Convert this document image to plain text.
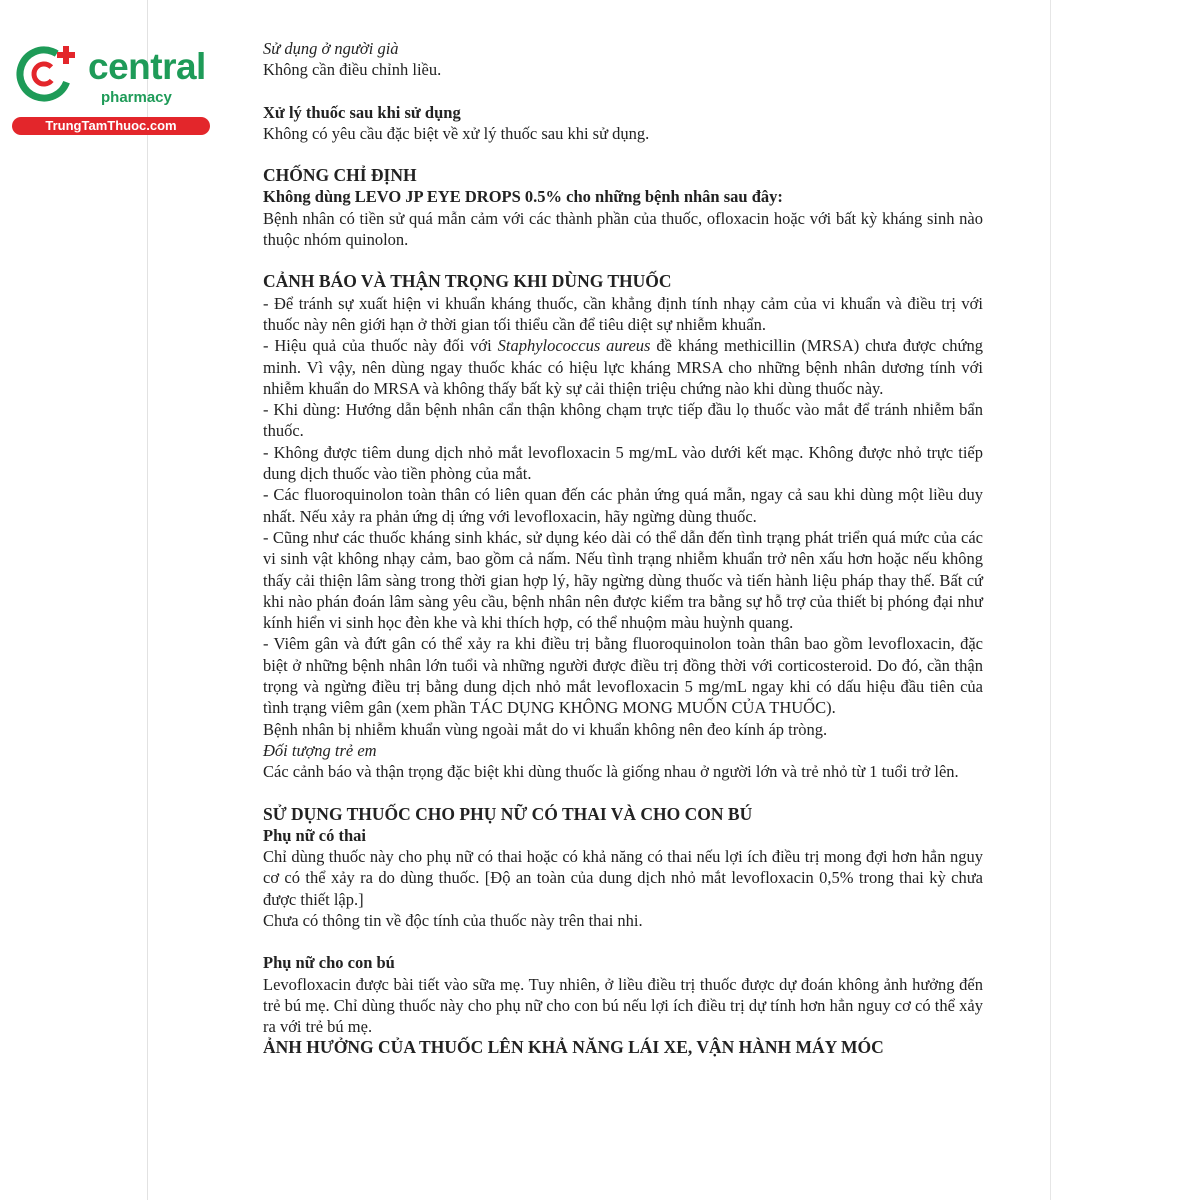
central
pharmacy
TrungTamThuoc.com

Sử dụng ở người già

Không cần điều chỉnh liều.

Xử lý thuốc sau khi sử dụng

Không có yêu cầu đặc biệt về xử lý thuốc sau khi sử dụng.

CHỐNG CHỈ ĐỊNH

Không dùng LEVO JP EYE DROPS 0.5% cho những bệnh nhân sau đây:

Bệnh nhân có tiền sử quá mẫn cảm với các thành phần của thuốc, ofloxacin hoặc với bất kỳ kháng sinh nào thuộc nhóm quinolon.

CẢNH BÁO VÀ THẬN TRỌNG KHI DÙNG THUỐC

- Để tránh sự xuất hiện vi khuẩn kháng thuốc, cần khẳng định tính nhạy cảm của vi khuẩn và điều trị với thuốc này nên giới hạn ở thời gian tối thiểu cần để tiêu diệt sự nhiễm khuẩn.

- Hiệu quả của thuốc này đối với Staphylococcus aureus đề kháng methicillin (MRSA) chưa được chứng minh. Vì vậy, nên dùng ngay thuốc khác có hiệu lực kháng MRSA cho những bệnh nhân dương tính với nhiễm khuẩn do MRSA và không thấy bất kỳ sự cải thiện triệu chứng nào khi dùng thuốc này.

- Khi dùng: Hướng dẫn bệnh nhân cẩn thận không chạm trực tiếp đầu lọ thuốc vào mắt để tránh nhiễm bẩn thuốc.

- Không được tiêm dung dịch nhỏ mắt levofloxacin 5 mg/mL vào dưới kết mạc. Không được nhỏ trực tiếp dung dịch thuốc vào tiền phòng của mắt.

- Các fluoroquinolon toàn thân có liên quan đến các phản ứng quá mẫn, ngay cả sau khi dùng một liều duy nhất. Nếu xảy ra phản ứng dị ứng với levofloxacin, hãy ngừng dùng thuốc.

- Cũng như các thuốc kháng sinh khác, sử dụng kéo dài có thể dẫn đến tình trạng phát triển quá mức của các vi sinh vật không nhạy cảm, bao gồm cả nấm. Nếu tình trạng nhiễm khuẩn trở nên xấu hơn hoặc nếu không thấy cải thiện lâm sàng trong thời gian hợp lý, hãy ngừng dùng thuốc và tiến hành liệu pháp thay thế. Bất cứ khi nào phán đoán lâm sàng yêu cầu, bệnh nhân nên được kiểm tra bằng sự hỗ trợ của thiết bị phóng đại như kính hiển vi sinh học đèn khe và khi thích hợp, có thể nhuộm màu huỳnh quang.

- Viêm gân và đứt gân có thể xảy ra khi điều trị bằng fluoroquinolon toàn thân bao gồm levofloxacin, đặc biệt ở những bệnh nhân lớn tuổi và những người được điều trị đồng thời với corticosteroid. Do đó, cần thận trọng và ngừng điều trị bằng dung dịch nhỏ mắt levofloxacin 5 mg/mL ngay khi có dấu hiệu đầu tiên của tình trạng viêm gân (xem phần TÁC DỤNG KHÔNG MONG MUỐN CỦA THUỐC).

Bệnh nhân bị nhiễm khuẩn vùng ngoài mắt do vi khuẩn không nên đeo kính áp tròng.

Đối tượng trẻ em

Các cảnh báo và thận trọng đặc biệt khi dùng thuốc là giống nhau ở người lớn và trẻ nhỏ từ 1 tuổi trở lên.

SỬ DỤNG THUỐC CHO PHỤ NỮ CÓ THAI VÀ CHO CON BÚ

Phụ nữ có thai

Chỉ dùng thuốc này cho phụ nữ có thai hoặc có khả năng có thai nếu lợi ích điều trị mong đợi hơn hẳn nguy cơ có thể xảy ra do dùng thuốc. [Độ an toàn của dung dịch nhỏ mắt levofloxacin 0,5% trong thai kỳ chưa được thiết lập.]

Chưa có thông tin về độc tính của thuốc này trên thai nhi.

Phụ nữ cho con bú

Levofloxacin được bài tiết vào sữa mẹ. Tuy nhiên, ở liều điều trị thuốc được dự đoán không ảnh hưởng đến trẻ bú mẹ. Chỉ dùng thuốc này cho phụ nữ cho con bú nếu lợi ích điều trị dự tính hơn hẳn nguy cơ có thể xảy ra với trẻ bú mẹ.

ẢNH HƯỞNG CỦA THUỐC LÊN KHẢ NĂNG LÁI XE, VẬN HÀNH MÁY MÓC
